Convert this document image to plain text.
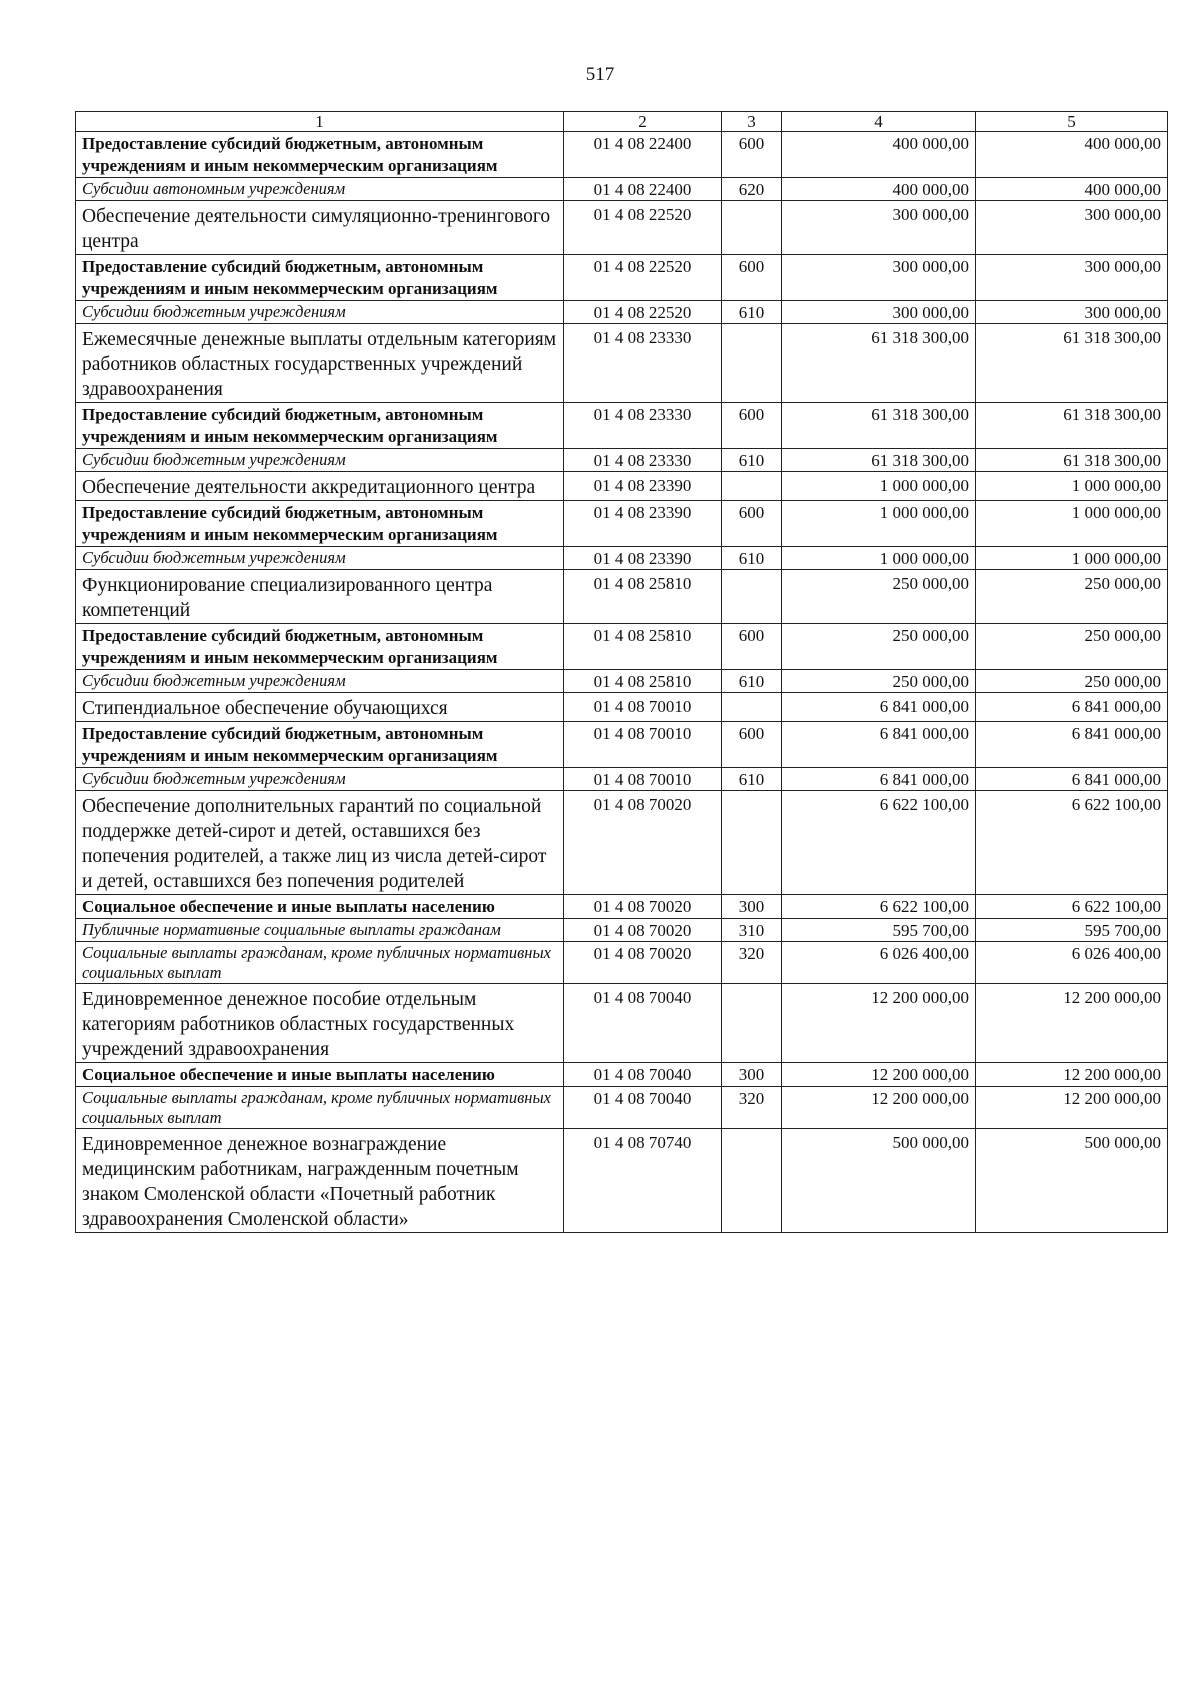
517
1	2	3	4	5
Предоставление субсидий бюджетным, автономным учреждениям и иным некоммерческим организациям	01 4 08 22400	600	400 000,00	400 000,00
Субсидии автономным учреждениям	01 4 08 22400	620	400 000,00	400 000,00
Обеспечение деятельности симуляционно-тренингового центра	01 4 08 22520		300 000,00	300 000,00
Предоставление субсидий бюджетным, автономным учреждениям и иным некоммерческим организациям	01 4 08 22520	600	300 000,00	300 000,00
Субсидии бюджетным учреждениям	01 4 08 22520	610	300 000,00	300 000,00
Ежемесячные денежные выплаты отдельным категориям работников областных государственных учреждений здравоохранения	01 4 08 23330		61 318 300,00	61 318 300,00
Предоставление субсидий бюджетным, автономным учреждениям и иным некоммерческим организациям	01 4 08 23330	600	61 318 300,00	61 318 300,00
Субсидии бюджетным учреждениям	01 4 08 23330	610	61 318 300,00	61 318 300,00
Обеспечение деятельности аккредитационного центра	01 4 08 23390		1 000 000,00	1 000 000,00
Предоставление субсидий бюджетным, автономным учреждениям и иным некоммерческим организациям	01 4 08 23390	600	1 000 000,00	1 000 000,00
Субсидии бюджетным учреждениям	01 4 08 23390	610	1 000 000,00	1 000 000,00
Функционирование специализированного центра компетенций	01 4 08 25810		250 000,00	250 000,00
Предоставление субсидий бюджетным, автономным учреждениям и иным некоммерческим организациям	01 4 08 25810	600	250 000,00	250 000,00
Субсидии бюджетным учреждениям	01 4 08 25810	610	250 000,00	250 000,00
Стипендиальное обеспечение обучающихся	01 4 08 70010		6 841 000,00	6 841 000,00
Предоставление субсидий бюджетным, автономным учреждениям и иным некоммерческим организациям	01 4 08 70010	600	6 841 000,00	6 841 000,00
Субсидии бюджетным учреждениям	01 4 08 70010	610	6 841 000,00	6 841 000,00
Обеспечение дополнительных гарантий по социальной поддержке детей-сирот и детей, оставшихся без попечения родителей, а также лиц из числа детей-сирот и детей, оставшихся без попечения родителей	01 4 08 70020		6 622 100,00	6 622 100,00
Социальное обеспечение и иные выплаты населению	01 4 08 70020	300	6 622 100,00	6 622 100,00
Публичные нормативные социальные выплаты гражданам	01 4 08 70020	310	595 700,00	595 700,00
Социальные выплаты гражданам, кроме публичных нормативных социальных выплат	01 4 08 70020	320	6 026 400,00	6 026 400,00
Единовременное денежное пособие отдельным категориям работников областных государственных учреждений здравоохранения	01 4 08 70040		12 200 000,00	12 200 000,00
Социальное обеспечение и иные выплаты населению	01 4 08 70040	300	12 200 000,00	12 200 000,00
Социальные выплаты гражданам, кроме публичных нормативных социальных выплат	01 4 08 70040	320	12 200 000,00	12 200 000,00
Единовременное денежное вознаграждение медицинским работникам, награжденным почетным знаком Смоленской области «Почетный работник здравоохранения Смоленской области»	01 4 08 70740		500 000,00	500 000,00
